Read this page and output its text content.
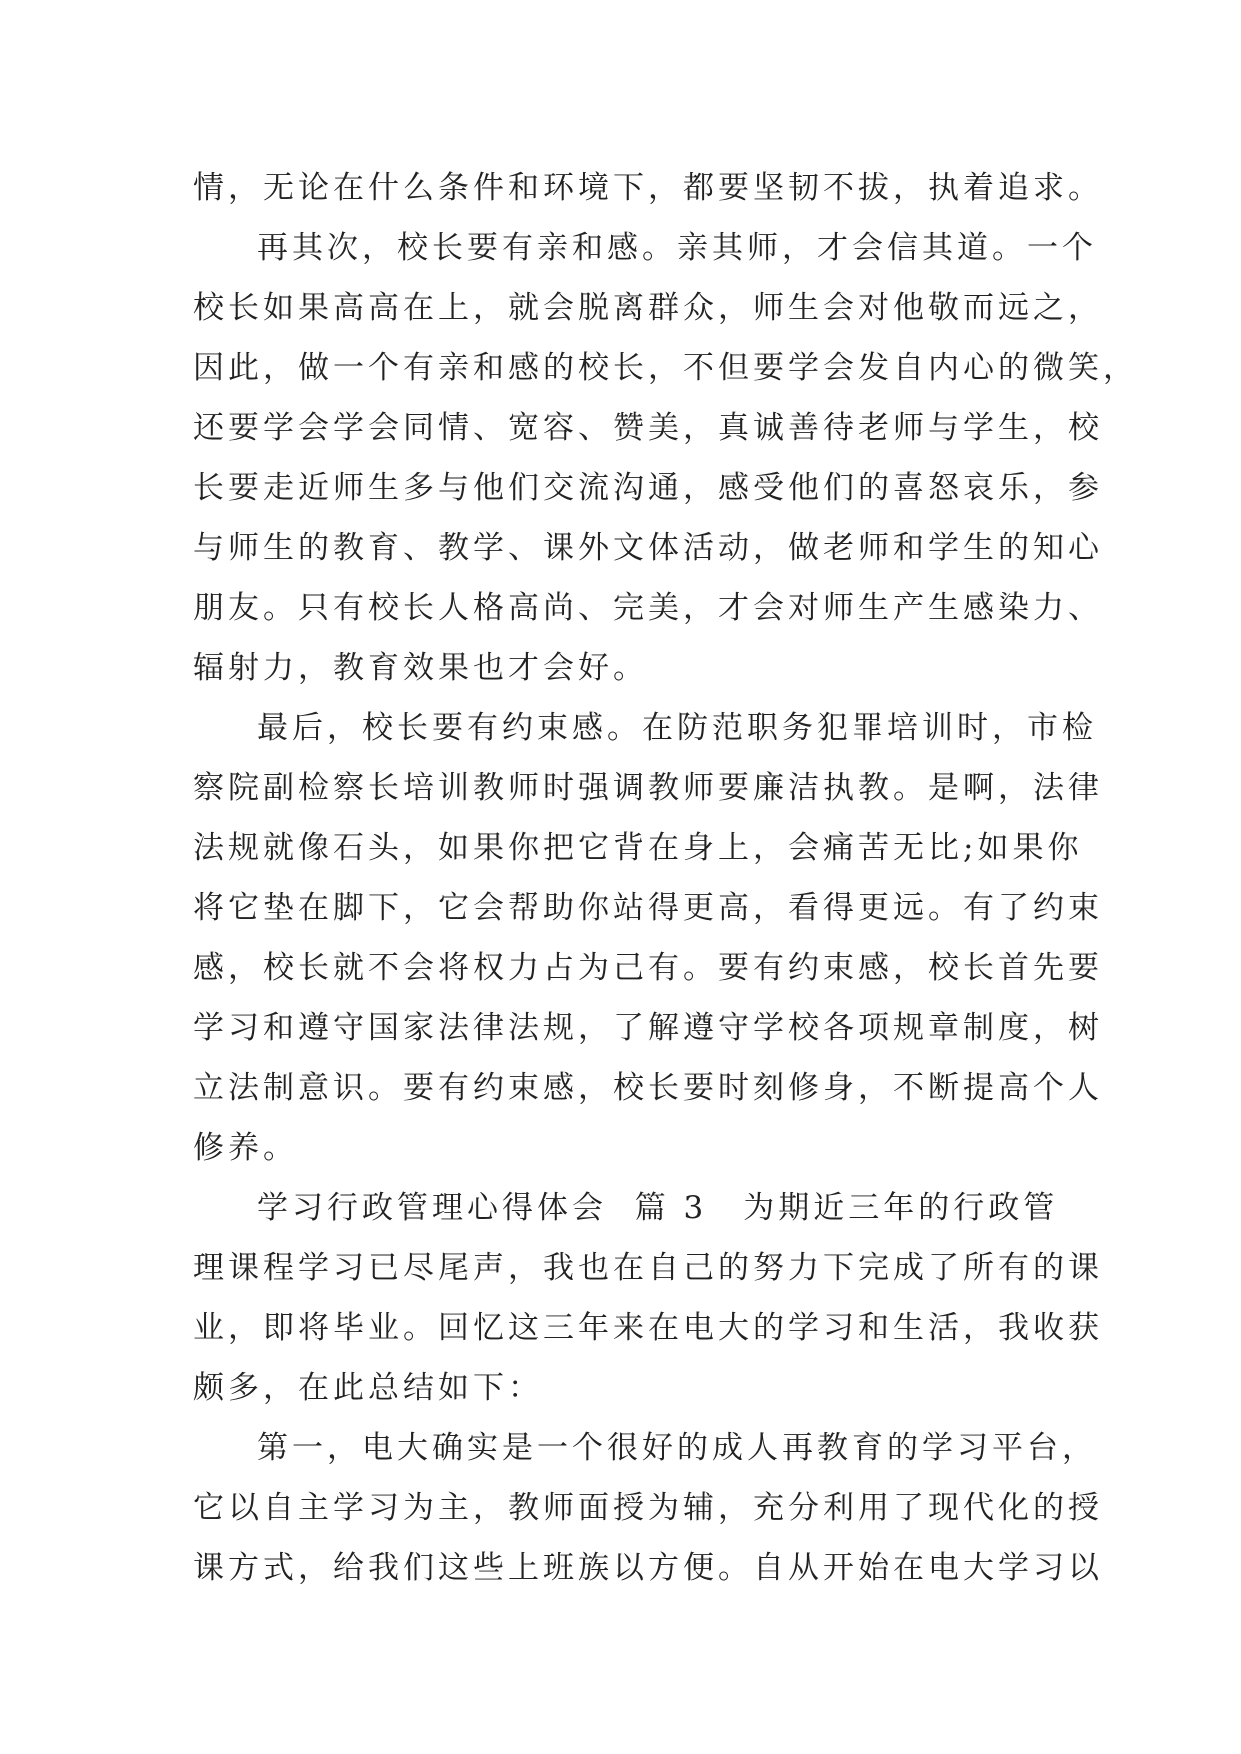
情，无论在什么条件和环境下，都要坚韧不拔，执着追求。
再其次，校长要有亲和感。亲其师，才会信其道。一个
校长如果高高在上，就会脱离群众，师生会对他敬而远之，
因此，做一个有亲和感的校长，不但要学会发自内心的微笑，
还要学会学会同情、宽容、赞美，真诚善待老师与学生，校
长要走近师生多与他们交流沟通，感受他们的喜怒哀乐，参
与师生的教育、教学、课外文体活动，做老师和学生的知心
朋友。只有校长人格高尚、完美，才会对师生产生感染力、
辐射力，教育效果也才会好。
最后，校长要有约束感。在防范职务犯罪培训时，市检
察院副检察长培训教师时强调教师要廉洁执教。是啊，法律
法规就像石头，如果你把它背在身上，会痛苦无比;如果你
将它垫在脚下，它会帮助你站得更高，看得更远。有了约束
感，校长就不会将权力占为己有。要有约束感，校长首先要
学习和遵守国家法律法规，了解遵守学校各项规章制度，树
立法制意识。要有约束感，校长要时刻修身，不断提高个人
修养。
学习行政管理心得体会  篇 3 为期近三年的行政管
理课程学习已尽尾声，我也在自己的努力下完成了所有的课
业，即将毕业。回忆这三年来在电大的学习和生活，我收获
颇多，在此总结如下：
第一，电大确实是一个很好的成人再教育的学习平台，
它以自主学习为主，教师面授为辅，充分利用了现代化的授
课方式，给我们这些上班族以方便。自从开始在电大学习以
